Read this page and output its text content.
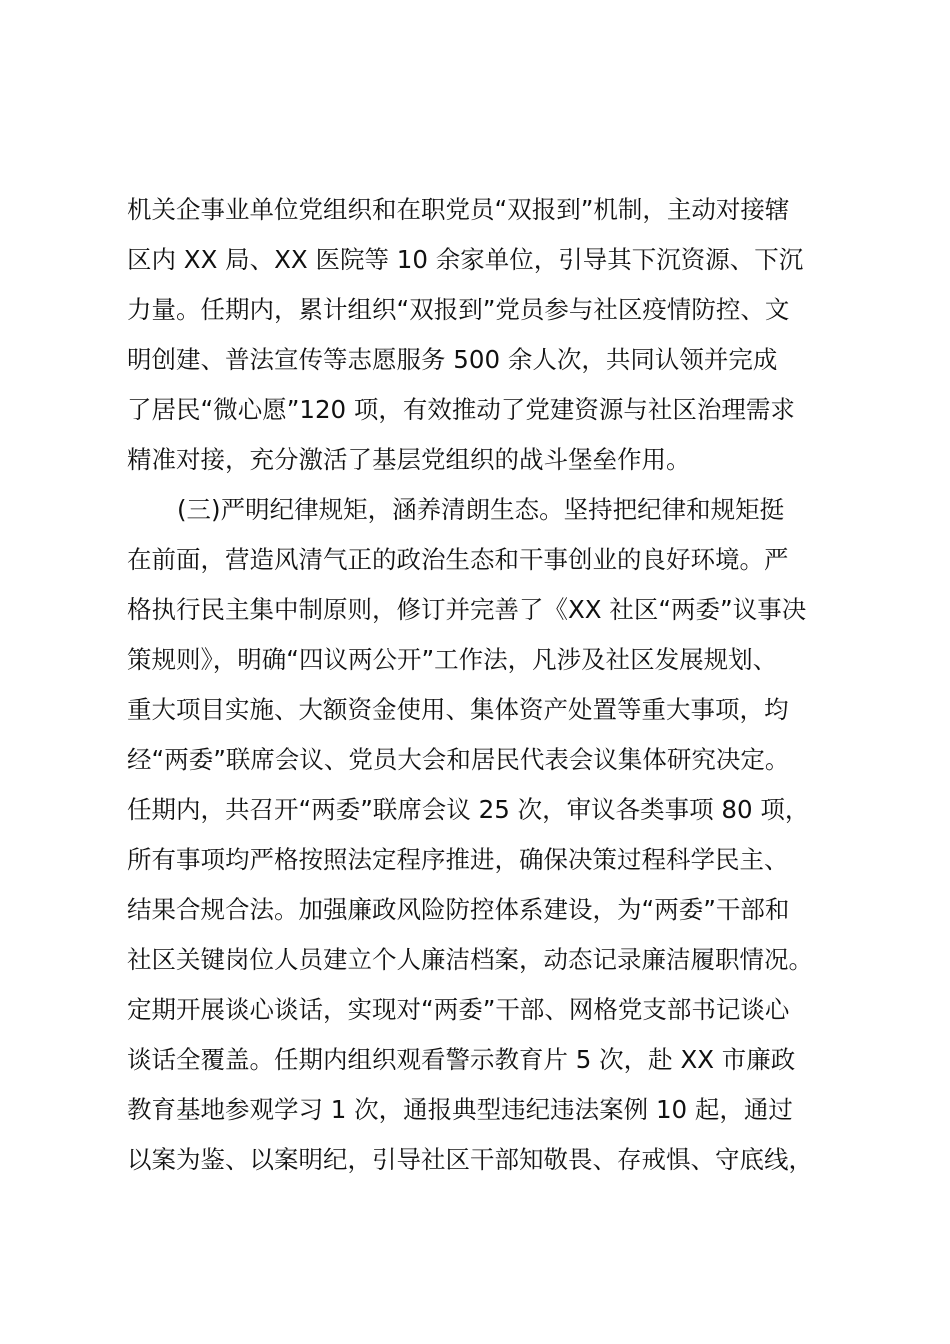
机关企事业单位党组织和在职党员“双报到”机制，主动对接辖
区内 XX 局、XX 医院等 10 余家单位，引导其下沉资源、下沉
力量。任期内，累计组织“双报到”党员参与社区疫情防控、文
明创建、普法宣传等志愿服务 500 余人次，共同认领并完成
了居民“微心愿”120 项，有效推动了党建资源与社区治理需求
精准对接，充分激活了基层党组织的战斗堡垒作用。
(三)严明纪律规矩，涵养清朗生态。坚持把纪律和规矩挺
在前面，营造风清气正的政治生态和干事创业的良好环境。严
格执行民主集中制原则，修订并完善了《XX 社区“两委”议事决
策规则》，明确“四议两公开”工作法，凡涉及社区发展规划、
重大项目实施、大额资金使用、集体资产处置等重大事项，均
经“两委”联席会议、党员大会和居民代表会议集体研究决定。
任期内，共召开“两委”联席会议 25 次，审议各类事项 80 项，
所有事项均严格按照法定程序推进，确保决策过程科学民主、
结果合规合法。加强廉政风险防控体系建设，为“两委”干部和
社区关键岗位人员建立个人廉洁档案，动态记录廉洁履职情况。
定期开展谈心谈话，实现对“两委”干部、网格党支部书记谈心
谈话全覆盖。任期内组织观看警示教育片 5 次，赴 XX 市廉政
教育基地参观学习 1 次，通报典型违纪违法案例 10 起，通过
以案为鉴、以案明纪，引导社区干部知敬畏、存戒惧、守底线，
